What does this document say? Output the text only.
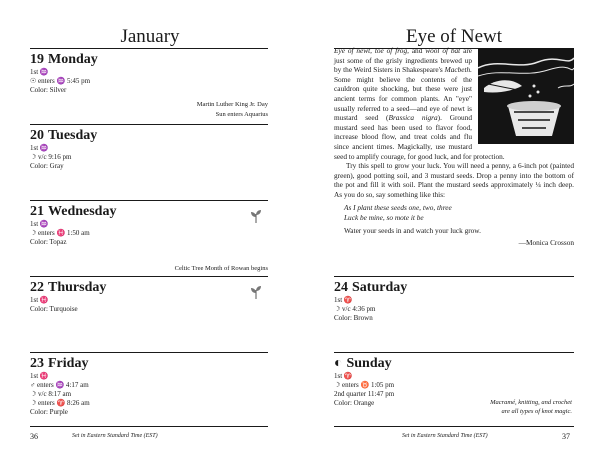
January
19 Monday
1st ♒
☉ enters ♒ 5:45 pm
Color: Silver
Martin Luther King Jr. Day
Sun enters Aquarius
20 Tuesday
1st ♒
☽ v/c 9:16 pm
Color: Gray
21 Wednesday
1st ♒
☽ enters ♓ 1:50 am
Color: Topaz
Celtic Tree Month of Rowan begins
22 Thursday
1st ♓
Color: Turquoise
23 Friday
1st ♓
♂ enters ♒ 4:17 am
☽ v/c 8:17 am
☽ enters ♈ 8:26 am
Color: Purple
36	Set in Eastern Standard Time (EST)
Eye of Newt
Eye of newt, toe of frog, and wool of bat are just some of the grisly ingredients brewed up by the Weird Sisters in Shakespeare's Macbeth. Some might believe the contents of the cauldron quite shocking, but these were just ancient terms for common plants. An "eye" usually referred to a seed—and eye of newt is mustard seed (Brassica nigra). Ground mustard seed has been used to flavor food, increase blood flow, and treat colds and flu since ancient times. Magickally, use mustard seed to amplify courage, for good luck, and for protection.

Try this spell to grow your luck. You will need a penny, a 6-inch pot (painted green), good potting soil, and 3 mustard seeds. Drop a penny into the bottom of the pot and fill it with soil. Plant the mustard seeds approximately ¼ inch deep. As you do so, say something like this:

As I plant these seeds one, two, three
Luck be mine, so mote it be

Water your seeds in and watch your luck grow.

—Monica Crosson

24 Saturday
1st ♈
☽ v/c 4:36 pm
Color: Brown
◐ Sunday
1st ♈
☽ enters ♉ 1:05 pm
2nd quarter 11:47 pm
Color: Orange	Macramé, knitting, and crochet
are all types of knot magic.
Set in Eastern Standard Time (EST)	37
